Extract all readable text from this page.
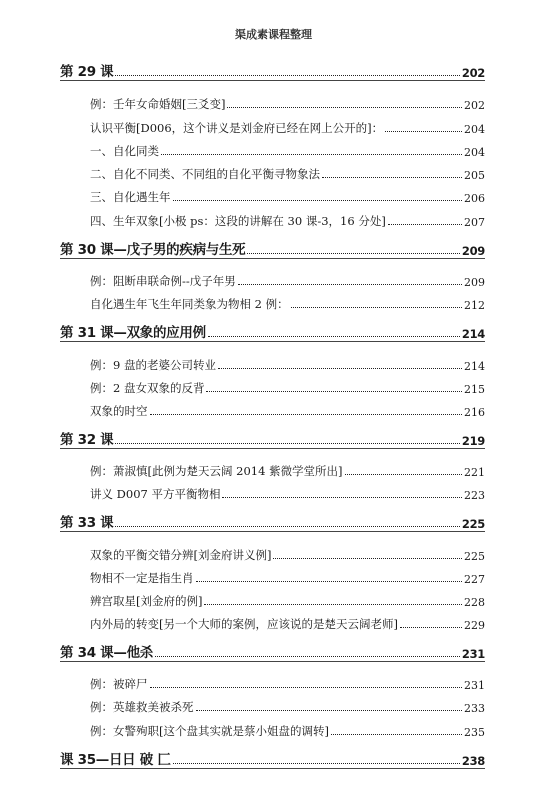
渠成素课程整理
第 29 课	202
例：壬年女命婚姻[三爻变]	202
认识平衡[D006，这个讲义是刘金府已经在网上公开的]：	204
一、自化同类	204
二、自化不同类、不同组的自化平衡寻物象法	205
三、自化遇生年	206
四、生年双象[小极 ps：这段的讲解在 30 课-3，16 分处]	207
第 30 课—戊子男的疾病与生死	209
例：阻断串联命例--戊子年男	209
自化遇生年飞生年同类象为物相 2 例：	212
第 31 课—双象的应用例	214
例：9 盘的老婆公司转业	214
例：2 盘女双象的反背	215
双象的时空	216
第 32 课	219
例：萧淑慎[此例为楚天云阔 2014 紫微学堂所出]	221
讲义 D007 平方平衡物相	223
第 33 课	225
双象的平衡交错分辨[刘金府讲义例]	225
物相不一定是指生肖	227
辨宫取星[刘金府的例]	228
内外局的转变[另一个大师的案例，应该说的是楚天云阔老师]	229
第 34 课—他杀	231
例：被碎尸	231
例：英雄救美被杀死	233
例：女警殉职[这个盘其实就是蔡小姐盘的调转]	235
课 35—日日 破 匚	238
